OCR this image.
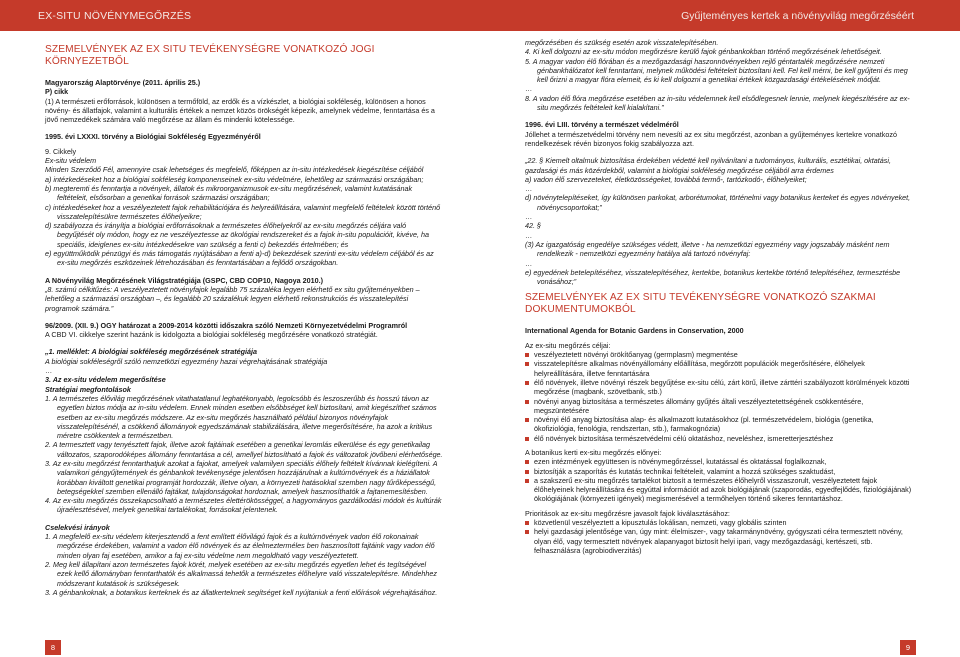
EX-SITU NÖVÉNYMEGŐRZÉS	Gyűjteményes kertek a növényvilág megőrzéséért
SZEMELVÉNYEK AZ EX SITU TEVÉKENYSÉGRE VONATKOZÓ JOGI KÖRNYEZETBŐL
Magyarország Alaptörvénye (2011. április 25.)
P) cikk
(1) A természeti erőforrások, különösen a termőföld, az erdők és a vízkészlet, a biológiai sokféleség, különösen a honos növény- és állatfajok, valamint a kulturális értékek a nemzet közös örökségét képezik, amelynek védelme, fenntartása és a jövő nemzedékek számára való megőrzése az állam és mindenki kötelessége.
1995. évi LXXXI. törvény a Biológiai Sokféleség Egyezményéről
9. Cikkely
Ex-situ védelem
Minden Szerződő Fél, amennyire csak lehetséges és megfelelő, főképpen az in-situ intézkedések kiegészítése céljából
a) intézkedéseket hoz a biológiai sokféleség komponenseinek ex-situ védelmére, lehetőleg az származási országában;
b) megteremti és fenntartja a növények, állatok és mikroorganizmusok ex-situ megőrzésének, valamint kutatásának feltételeit, elsősorban a genetikai források származási országában;
c) intézkedéseket hoz a veszélyeztetett fajok rehabilitációjára és helyreállítására, valamint megfelelő feltételek között történő visszatelepítésükre természetes élőhelyeikre;
d) szabályozza és irányítja a biológiai erőforrásoknak a természetes élőhelyekről az ex-situ megőrzés céljára való begyűjtését oly módon, hogy ez ne veszélyeztesse az ökológiai rendszereket és a fajok in-situ populációit, kivéve, ha speciális, ideiglenes ex-situ intézkedésekre van szükség a fenti c) bekezdés értelmében; és
e) együttműködik pénzügyi és más támogatás nyújtásában a fenti a)-d) bekezdések szerinti ex-situ védelem céljából és az ex-situ megőrzés eszközeinek létrehozásában és fenntartásában a fejlődő országokban.
A Növényvilág Megőrzésének Világstratégiája (GSPC, CBD COP10, Nagoya 2010.)
„8. számú célkitűzés: A veszélyeztetett növényfajok legalább 75 százaléka legyen elérhető ex situ gyűjteményekben – lehetőleg a származási országban –, és legalább 20 százalékuk legyen elérhető rekonstrukciós és visszatelepítési programok számára.”
96/2009. (XII. 9.) OGY határozat a 2009-2014 közötti időszakra szóló Nemzeti Környezetvédelmi Programról
A CBD VI. cikkelye szerint hazánk is kidolgozta a biológiai sokféleség megőrzésére vonatkozó stratégiát.
„1. melléklet: A biológiai sokféleség megőrzésének stratégiája
A biológiai sokféleségről szóló nemzetközi egyezmény hazai végrehajtásának stratégiája
…
3. Az ex-situ védelem megerősítése
Stratégiai megfontolások
1. A természetes élővilág megőrzésének vitathatatlanul leghatékonyabb, legolcsóbb és leszoszerűbb és hosszú távon az egyetlen biztos módja az in-situ védelem. Ennek minden esetben elsőbbséget kell biztosítani, amit kiegészíthet számos esetben az ex-situ megőrzés módszere. Az ex-situ megőrzés használható például bizonyos növényfajok visszatelepítésénél, a csökkenő állományok egyedszámának stabilizálására, illetve megerősítésére, ha azok a kritikus méretre csökkentek a természetben.
2. A termesztett vagy tenyésztett fajok, illetve azok fajtáinak esetében a genetikai leromlás elkerülése és egy genetikailag változatos, szaporodóképes állomány fenntartása a cél, amellyel biztosítható a fajok és változatok jövőbeni elérhetősége.
3. Az ex-situ megőrzést fenntarthatjuk azokat a fajokat, amelyek valamilyen speciális élőhely feltételt kívánnak kielégíteni. A valamikori géngyűjtemények és génbankok tevékenysége jelentősen hozzájárulnak a kultúrnövények és a háziállatok korábban kiváltott genetikai programját hordozzák, illetve olyan, a környezeti hatásokkal szemben nagy tűrőképességű, betegségekkel szemben ellenálló fajtákat, tulajdonságokat hordoznak, amelyek hasznosíthatók a fajtanemesítésben.
4. Az ex-situ megőrzés összekapcsolható a természetes élettérökösséggel, a hagyományos gazdálkodási módok és kultúrák újraélesztésével, melyek genetikai tartalékokat, forrásokat jelentenek.
Cselekvési irányok
1. A megfelelő ex-situ védelem kiterjesztendő a fent említett élővilágú fajok és a kultúrnövények vadon élő rokonainak megőrzése érdekében, valamint a vadon élő növények és az élelmezterméles ben hasznosított fajtáink vagy vadon élő minden olyan faj esetében, amikor a faj ex-situ védelme nem megoldható vagy veszélyeztetett.
2. Meg kell állapítani azon természetes fajok körét, melyek esetében az ex-situ megőrzés egyetlen lehet és tegítségével ezek kellő állományban fenntarthatók és alkalmassá tehetők a természetes élőhelyre való visszatelepítésre. Mindehhez módszerant kutatások is szükségesek.
3. A génbankoknak, a botanikus kerteknek és az állatkerteknek segítséget kell nyújtaniuk a fenti előírások végrehajtásához.
megőrzésében és szükség esetén azok visszatelepítésében.
4. Ki kell dolgozni az ex-situ módon megőrzésre kerülő fajok génbankokban történő megőrzésének lehetőségeit.
5. A magyar vadon élő flórában és a mezőgazdasági haszonnövényekben rejlő géntartalék megőrzésére nemzeti génbankhálózatot kell fenntartani, melynek működési feltételeit biztosítani kell. Fel kell mérni, be kell gyűjteni és meg kell őrizni a magyar flóra elemeit, és ki kell dolgozni a genetikai értékek közgazdasági értékelésének módját.
…
8. A vadon élő flóra megőrzése esetében az in-situ védelemnek kell elsődlegesnek lennie, melynek kiegészítésére az ex-situ megőrzés feltételeit kell kialakítani.”
1996. évi LIII. törvény a természet védelméről
Jóllehet a természetvédelmi törvény nem nevesíti az ex situ megőrzést, azonban a gyűjteményes kertekre vonatkozó rendelkezések révén bizonyos fokig szabályozza azt.
„22. § Kiemelt oltalmuk biztosítása érdekében védetté kell nyilvánítani a tudományos, kulturális, esztétikai, oktatási, gazdasági és más közérdekből, valamint a biológiai sokféleség megőrzése céljából arra érdemes
a) vadon élő szervezeteket, életközösségeket, továbbá termő-, tartózkodó-, élőhelyeiket;
…
d) növénytelepítéseket, így különösen parkokat, arborétumokat, történelmi vagy botanikus kerteket és egyes növényeket, növénycsoportokat;”
…
42. §
…
(3) Az igazgatóság engedélye szükséges védett, illetve - ha nemzetközi egyezmény vagy jogszabály másként nem rendelkezik - nemzetközi egyezmény hatálya alá tartozó növényfaj:
…
e) egyedének betelepítéséhez, visszatelepítéséhez, kertekbe, botanikus kertekbe történő telepítéséhez, termesztésbe vonásához;”
SZEMELVÉNYEK AZ EX SITU TEVÉKENYSÉGRE VONATKOZÓ SZAKMAI DOKUMENTUMOKBÓL
International Agenda for Botanic Gardens in Conservation, 2000
Az ex-situ megőrzés céljai:
veszélyeztetett növényi örökítőanyag (germplasm) megmentése
visszatelepítésre alkalmas növényállomány előállítása, megőrzött populációk megerősítésére, élőhelyek helyreállítására, illetve fenntartására
élő növények, illetve növényi részek begyűjtése ex-situ célú, zárt körű, illetve zárttéri szabályozott körülmények közötti megőrzése (magbank, szövetbank, stb.)
növényi anyag biztosítása a természetes állomány gyűjtés általi veszélyeztetettségének csökkentésére, megszüntetésére
növényi élő anyag biztosítása alap- és alkalmazott kutatásokhoz (pl. természetvédelem, biológia (genetika, ökofiziológia, fenológia, rendszertan, stb.), farmakognózia)
élő növények biztosítása természetvédelmi célú oktatáshoz, neveléshez, ismeretterjesztéshez
A botanikus kerti ex-situ megőrzés előnyei:
ezen intézmények együttesen is növénymegőrzéssel, kutatással és oktatással foglalkoznak,
biztosítják a szaporítás és kutatás technikai feltételeit, valamint a hozzá szükséges szaktudást,
a szakszerű ex-situ megőrzés tartalékot biztosít a természetes élőhelyről visszaszorult, veszélyeztetett fajok élőhelyeinek helyreállítására és egyúttal információt ad azok biológiájának (szaporodás, egyedfejlődés, fiziológiájának) ökológiájának (környezeti igények) megismerésével a termőhelyen történő sikeres fenntartáshoz.
Prioritások az ex-situ megőrzésre javasolt fajok kiválasztásához:
közvetlenül veszélyeztett a kipusztulás lokálisan, nemzeti, vagy globális szinten
helyi gazdasági jelentősége van, úgy mint: élelmiszer-, vagy takarmánynövény, gyógyszati célra termesztett növény, olyan élő, vagy termesztett növények alapanyagot biztosít helyi ipari, vagy mezőgazdasági, kertészeti, stb. felhasználásra (agrobiodiverzitás)
8	9
